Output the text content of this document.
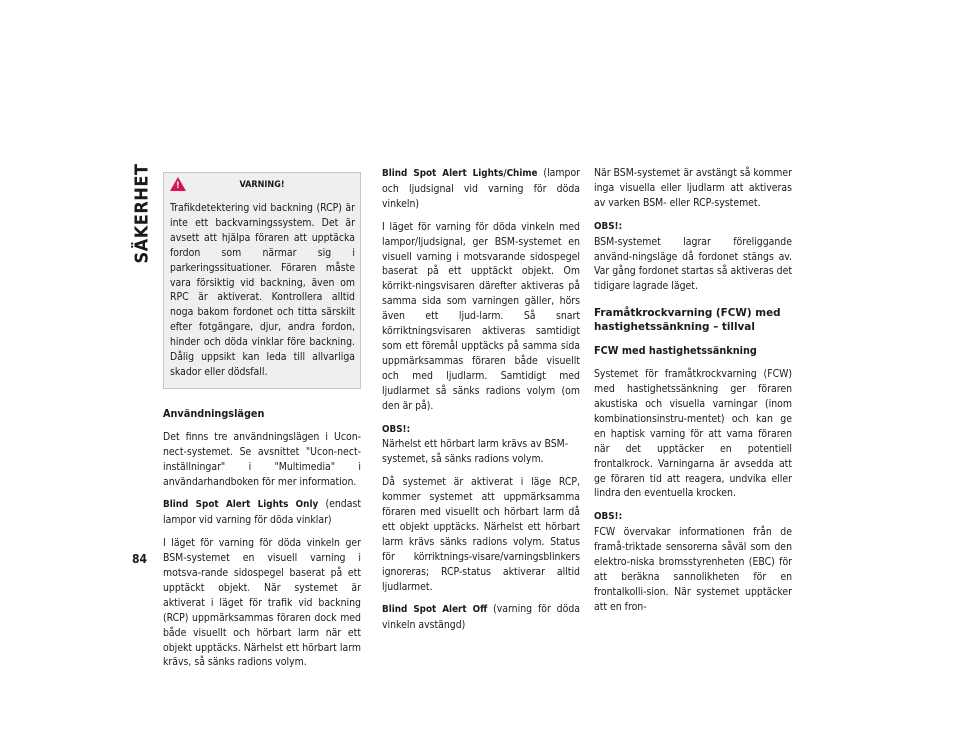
SÄKERHET
!	VARNING!
Trafikdetektering vid backning (RCP) är inte ett backvarningssystem. Det är avsett att hjälpa föraren att upptäcka fordon som närmar sig i parkeringssituationer. Föraren måste vara försiktig vid backning, även om RPC är aktiverat. Kontrollera alltid noga bakom fordonet och titta särskilt efter fotgängare, djur, andra fordon, hinder och döda vinklar före backning. Dålig uppsikt kan leda till allvarliga skador eller dödsfall.
Användningslägen

Det finns tre användningslägen i Ucon-nect-systemet. Se avsnittet "Ucon-nect-inställningar" i "Multimedia" i användarhandboken för mer information.

Blind Spot Alert Lights Only (endast lampor vid varning för döda vinklar)

I läget för varning för döda vinkeln ger BSM-systemet en visuell varning i motsva-rande sidospegel baserat på ett upptäckt objekt. När systemet är aktiverat i läget för trafik vid backning (RCP) uppmärksammas föraren dock med både visuellt och hörbart larm när ett objekt upptäcks. Närhelst ett hörbart larm krävs, så sänks radions volym.

Blind Spot Alert Lights/Chime (lampor och ljudsignal vid varning för döda vinkeln)

I läget för varning för döda vinkeln med lampor/ljudsignal, ger BSM-systemet en visuell varning i motsvarande sidospegel baserat på ett upptäckt objekt. Om körrikt-ningsvisaren därefter aktiveras på samma sida som varningen gäller, hörs även ett ljud-larm. Så snart körriktningsvisaren aktiveras samtidigt som ett föremål upptäcks på samma sida uppmärksammas föraren både visuellt och med ljudlarm. Samtidigt med ljudlarmet så sänks radions volym (om den är på).

OBS!:
Närhelst ett hörbart larm krävs av BSM-systemet, så sänks radions volym.

Då systemet är aktiverat i läge RCP, kommer systemet att uppmärksamma föraren med visuellt och hörbart larm då ett objekt upptäcks. Närhelst ett hörbart larm krävs sänks radions volym. Status för körriktnings-visare/varningsblinkers ignoreras; RCP-status aktiverar alltid ljudlarmet.

Blind Spot Alert Off (varning för döda vinkeln avstängd)

När BSM-systemet är avstängt så kommer inga visuella eller ljudlarm att aktiveras av varken BSM- eller RCP-systemet.

OBS!:
BSM-systemet lagrar föreliggande använd-ningsläge då fordonet stängs av. Var gång fordonet startas så aktiveras det tidigare lagrade läget.

Framåtkrockvarning (FCW) med hastighetssänkning – tillval
FCW med hastighetssänkning

Systemet för framåtkrockvarning (FCW) med hastighetssänkning ger föraren akustiska och visuella varningar (inom kombinationsinstru-mentet) och kan ge en haptisk varning för att varna föraren när det upptäcker en potentiell frontalkrock. Varningarna är avsedda att ge föraren tid att reagera, undvika eller lindra den eventuella krocken.

OBS!:
FCW övervakar informationen från de framå-triktade sensorerna såväl som den elektro-niska bromsstyrenheten (EBC) för att beräkna sannolikheten för en frontalkolli-sion. När systemet upptäcker att en fron-

84
